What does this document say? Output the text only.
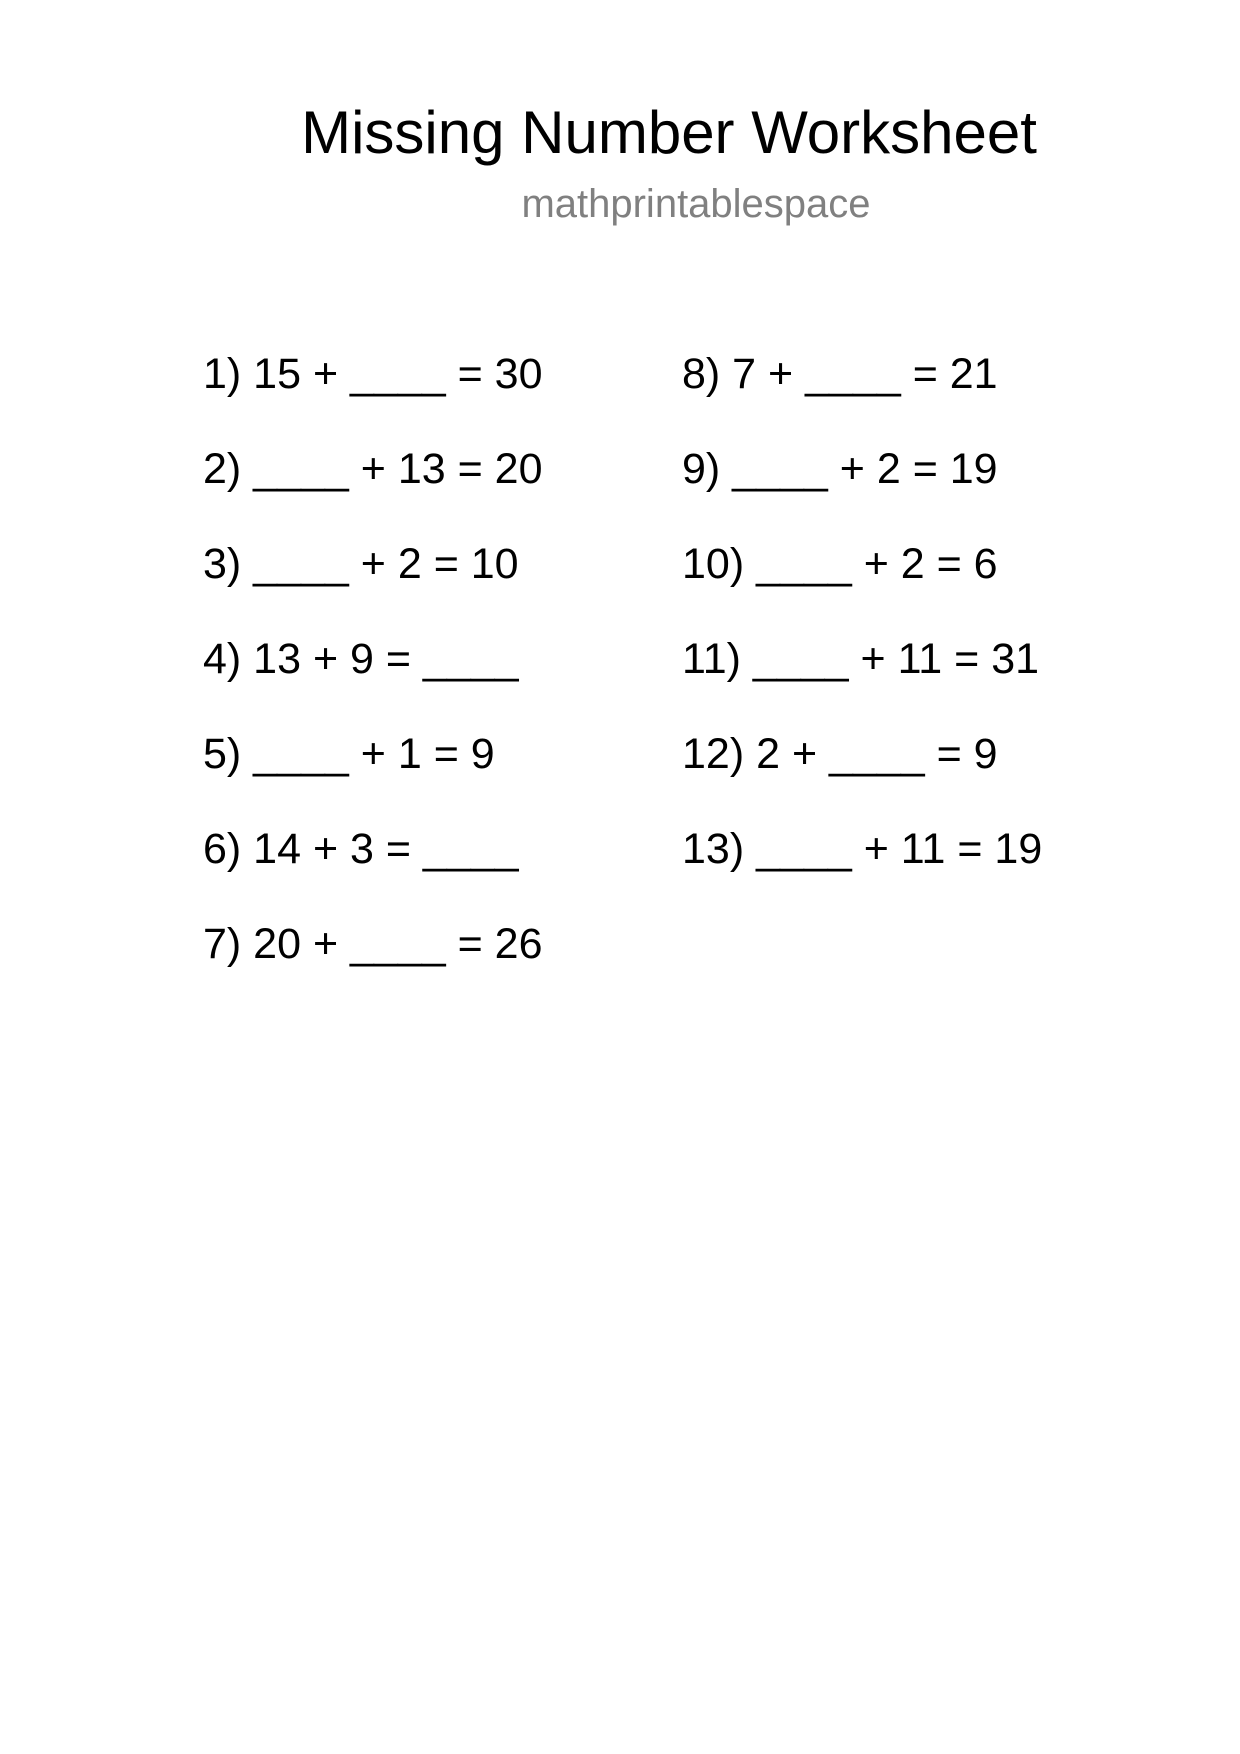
Missing Number Worksheet
mathprintablespace
1) 15 + ____ = 30
2) ____ + 13 = 20
3) ____ + 2 = 10
4) 13 + 9 = ____
5) ____ + 1 = 9
6) 14 + 3 = ____
7) 20 + ____ = 26
8) 7 + ____ = 21
9) ____ + 2 = 19
10) ____ + 2 = 6
11) ____ + 11 = 31
12) 2 + ____ = 9
13) ____ + 11 = 19
